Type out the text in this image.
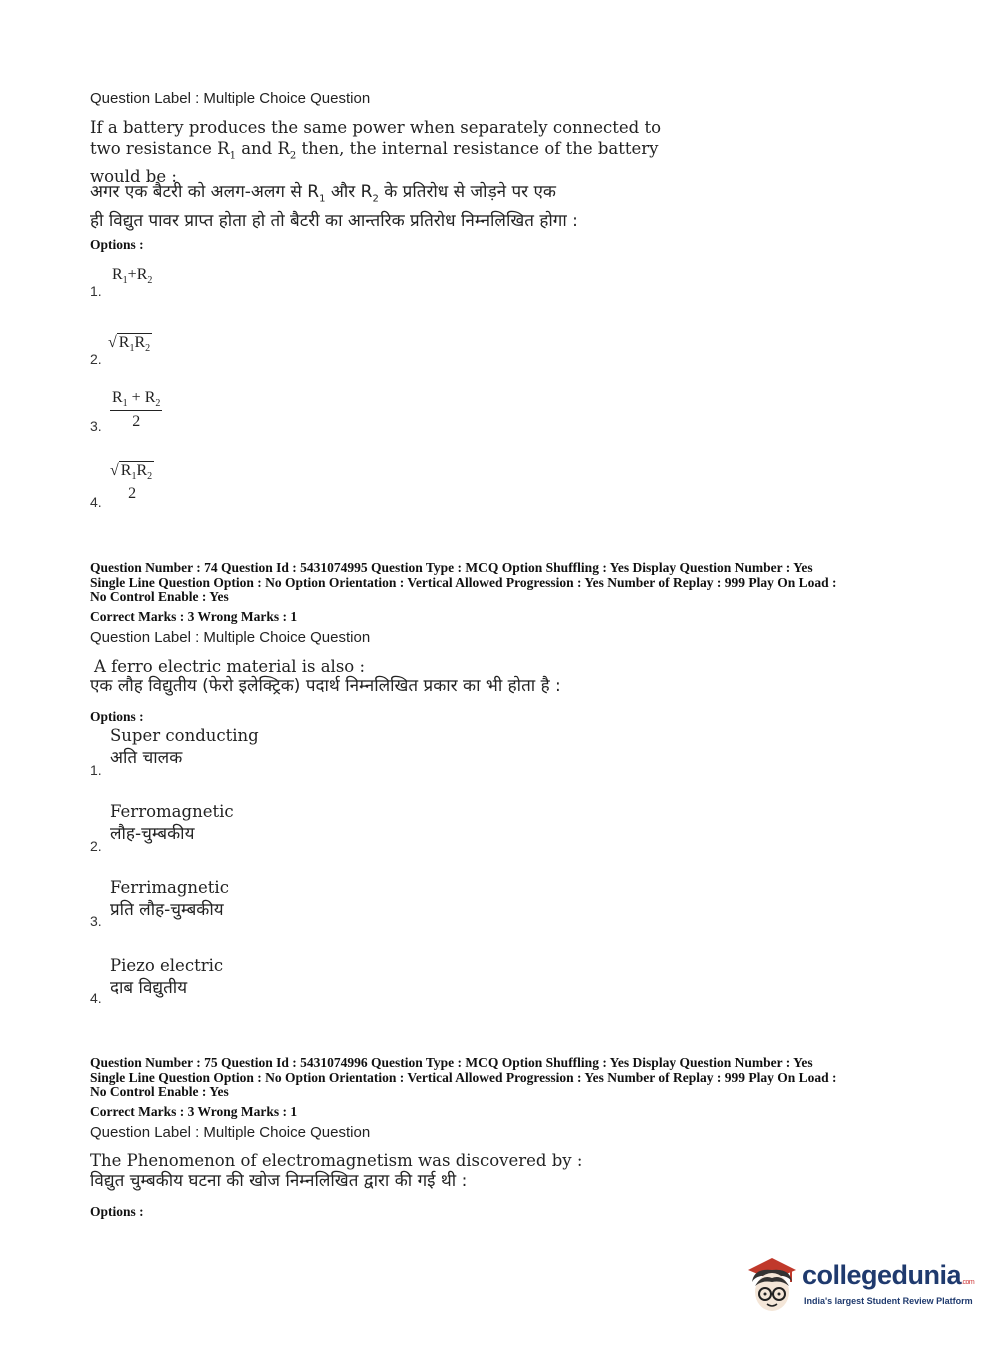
Question Label : Multiple Choice Question
If a battery produces the same power when separately connected to
two resistance $R_1$ and $R_2$ then, the internal resistance of the battery
would be :
अगर एक बैटरी को अलग-अलग से $R_1$ और $R_2$ के प्रतिरोध से जोड़ने पर एक
ही विद्युत पावर प्राप्त होता हो तो बैटरी का आन्तरिक प्रतिरोध निम्नलिखित होगा :
Options :
1.
$R_1+R_2$
2.
√ $R_1R_2$
3. $\frac{R_1 + R_2}{2}$
4.
√ $R_1R_2$
2
Question Number : 74 Question Id : 5431074995 Question Type : MCQ Option Shuffling : Yes Display Question Number : Yes
Single Line Question Option : No Option Orientation : Vertical Allowed Progression : Yes Number of Replay : 999 Play On Load :
No Control Enable : Yes
Correct Marks : 3 Wrong Marks : 1
Question Label : Multiple Choice Question
A ferro electric material is also :
एक लौह विद्युतीय (फेरो इलेक्ट्रिक) पदार्थ निम्नलिखित प्रकार का भी होता है :
Options :
1.
Super conducting
अति चालक
2.
Ferromagnetic
लौह-चुम्बकीय
3.
Ferrimagnetic
प्रति लौह-चुम्बकीय
4.
Piezo electric
दाब विद्युतीय
Question Number : 75 Question Id : 5431074996 Question Type : MCQ Option Shuffling : Yes Display Question Number : Yes
Single Line Question Option : No Option Orientation : Vertical Allowed Progression : Yes Number of Replay : 999 Play On Load :
No Control Enable : Yes
Correct Marks : 3 Wrong Marks : 1
Question Label : Multiple Choice Question
The Phenomenon of electromagnetism was discovered by :
विद्युत चुम्बकीय घटना की खोज निम्नलिखित द्वारा की गई थी :
Options :
collegedunia.com
India's largest Student Review Platform
